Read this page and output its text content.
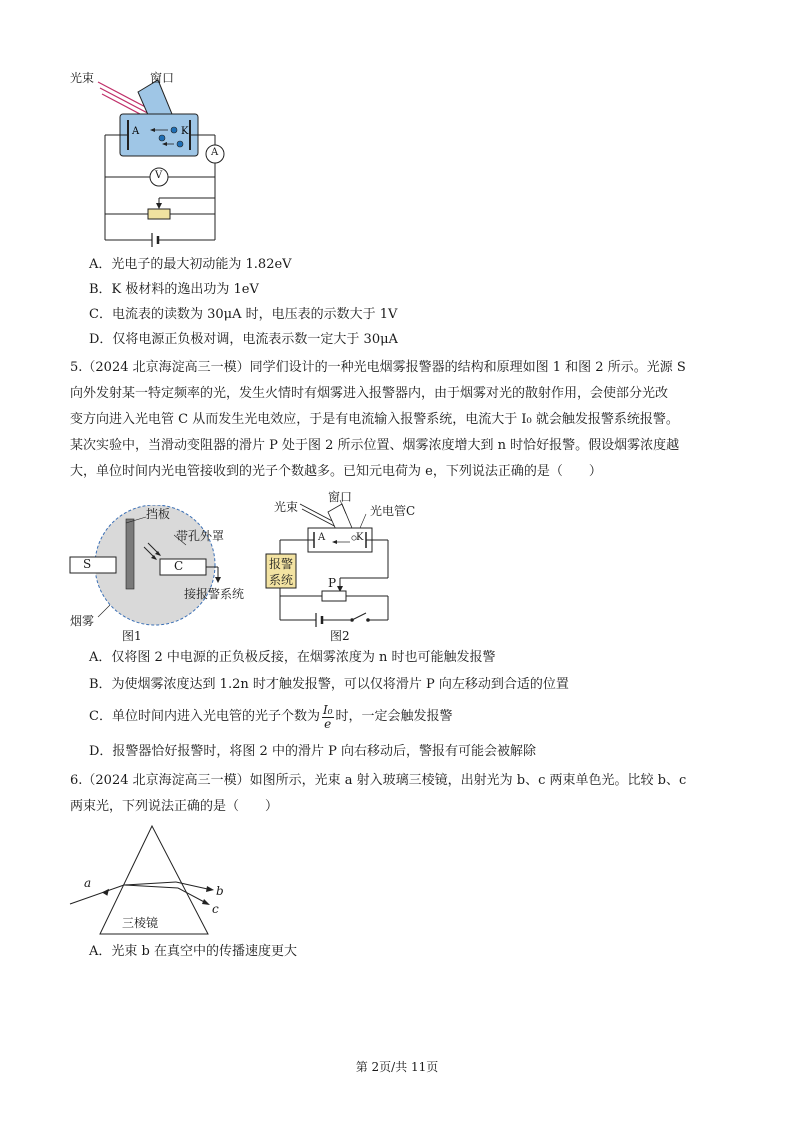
A	K
光束	窗口
A
V
A．光电子的最大初动能为 1.82eV
B．K 极材料的逸出功为 1eV
C．电流表的读数为 30μA 时，电压表的示数大于 1V
D．仅将电源正负极对调，电流表示数一定大于 30μA
5.（2024 北京海淀高三一模）同学们设计的一种光电烟雾报警器的结构和原理如图 1 和图 2 所示。光源 S
向外发射某一特定频率的光，发生火情时有烟雾进入报警器内，由于烟雾对光的散射作用，会使部分光改
变方向进入光电管 C 从而发生光电效应，于是有电流输入报警系统，电流大于 I₀ 就会触发报警系统报警。
某次实验中，当滑动变阻器的滑片 P 处于图 2 所示位置、烟雾浓度增大到 n 时恰好报警。假设烟雾浓度越
大，单位时间内光电管接收到的光子个数越多。已知元电荷为 e，下列说法正确的是（　　）
挡板
带孔外罩
S	C
接报警系统
烟雾
图1
光束
窗口
光电管C
A	K
报警
系统	P
图2
A．仅将图 2 中电源的正负极反接，在烟雾浓度为 n 时也可能触发报警
B．为使烟雾浓度达到 1.2n 时才触发报警，可以仅将滑片 P 向左移动到合适的位置
C．单位时间内进入光电管的光子个数为 $\frac{\text{I₀}}{e}$ 时，一定会触发报警
D．报警器恰好报警时，将图 2 中的滑片 P 向右移动后，警报有可能会被解除
6.（2024 北京海淀高三一模）如图所示，光束 a 射入玻璃三棱镜，出射光为 b、c 两束单色光。比较 b、c
两束光，下列说法正确的是（　　）
a
b
c
三棱镜
A．光束 b 在真空中的传播速度更大
第 2页/共 11页
